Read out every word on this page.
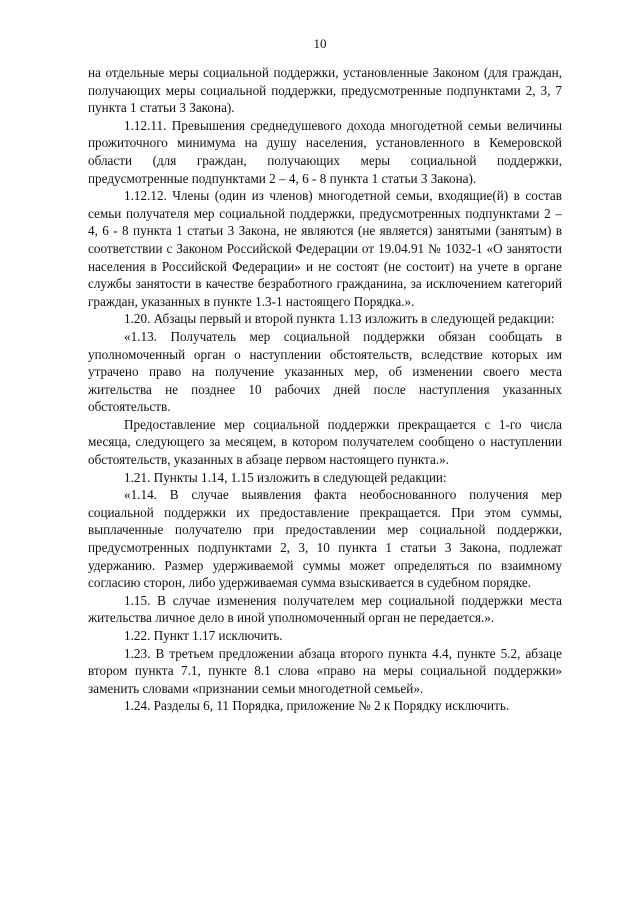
10

на отдельные меры социальной поддержки, установленные Законом (для граждан, получающих меры социальной поддержки, предусмотренные подпунктами 2, 3, 7 пункта 1 статьи 3 Закона).

1.12.11. Превышения среднедушевого дохода многодетной семьи величины прожиточного минимума на душу населения, установленного в Кемеровской области (для граждан, получающих меры социальной поддержки, предусмотренные подпунктами 2 – 4, 6 - 8 пункта 1 статьи 3 Закона).

1.12.12. Члены (один из членов) многодетной семьи, входящие(й) в состав семьи получателя мер социальной поддержки, предусмотренных подпунктами 2 – 4, 6 - 8 пункта 1 статьи 3 Закона, не являются (не является) занятыми (занятым) в соответствии с Законом Российской Федерации от 19.04.91 № 1032-1 «О занятости населения в Российской Федерации» и не состоят (не состоит) на учете в органе службы занятости в качестве безработного гражданина, за исключением категорий граждан, указанных в пункте 1.3-1 настоящего Порядка.».

1.20. Абзацы первый и второй пункта 1.13 изложить в следующей редакции:

«1.13. Получатель мер социальной поддержки обязан сообщать в уполномоченный орган о наступлении обстоятельств, вследствие которых им утрачено право на получение указанных мер, об изменении своего места жительства не позднее 10 рабочих дней после наступления указанных обстоятельств.

Предоставление мер социальной поддержки прекращается с 1-го числа месяца, следующего за месяцем, в котором получателем сообщено о наступлении обстоятельств, указанных в абзаце первом настоящего пункта.».

1.21. Пункты 1.14, 1.15 изложить в следующей редакции:

«1.14. В случае выявления факта необоснованного получения мер социальной поддержки их предоставление прекращается. При этом суммы, выплаченные получателю при предоставлении мер социальной поддержки, предусмотренных подпунктами 2, 3, 10 пункта 1 статьи 3 Закона, подлежат удержанию. Размер удерживаемой суммы может определяться по взаимному согласию сторон, либо удерживаемая сумма взыскивается в судебном порядке.

1.15. В случае изменения получателем мер социальной поддержки места жительства личное дело в иной уполномоченный орган не передается.».

1.22. Пункт 1.17 исключить.

1.23. В третьем предложении абзаца второго пункта 4.4, пункте 5.2, абзаце втором пункта 7.1, пункте 8.1 слова «право на меры социальной поддержки» заменить словами «признании семьи многодетной семьей».

1.24. Разделы 6, 11 Порядка, приложение № 2 к Порядку исключить.
